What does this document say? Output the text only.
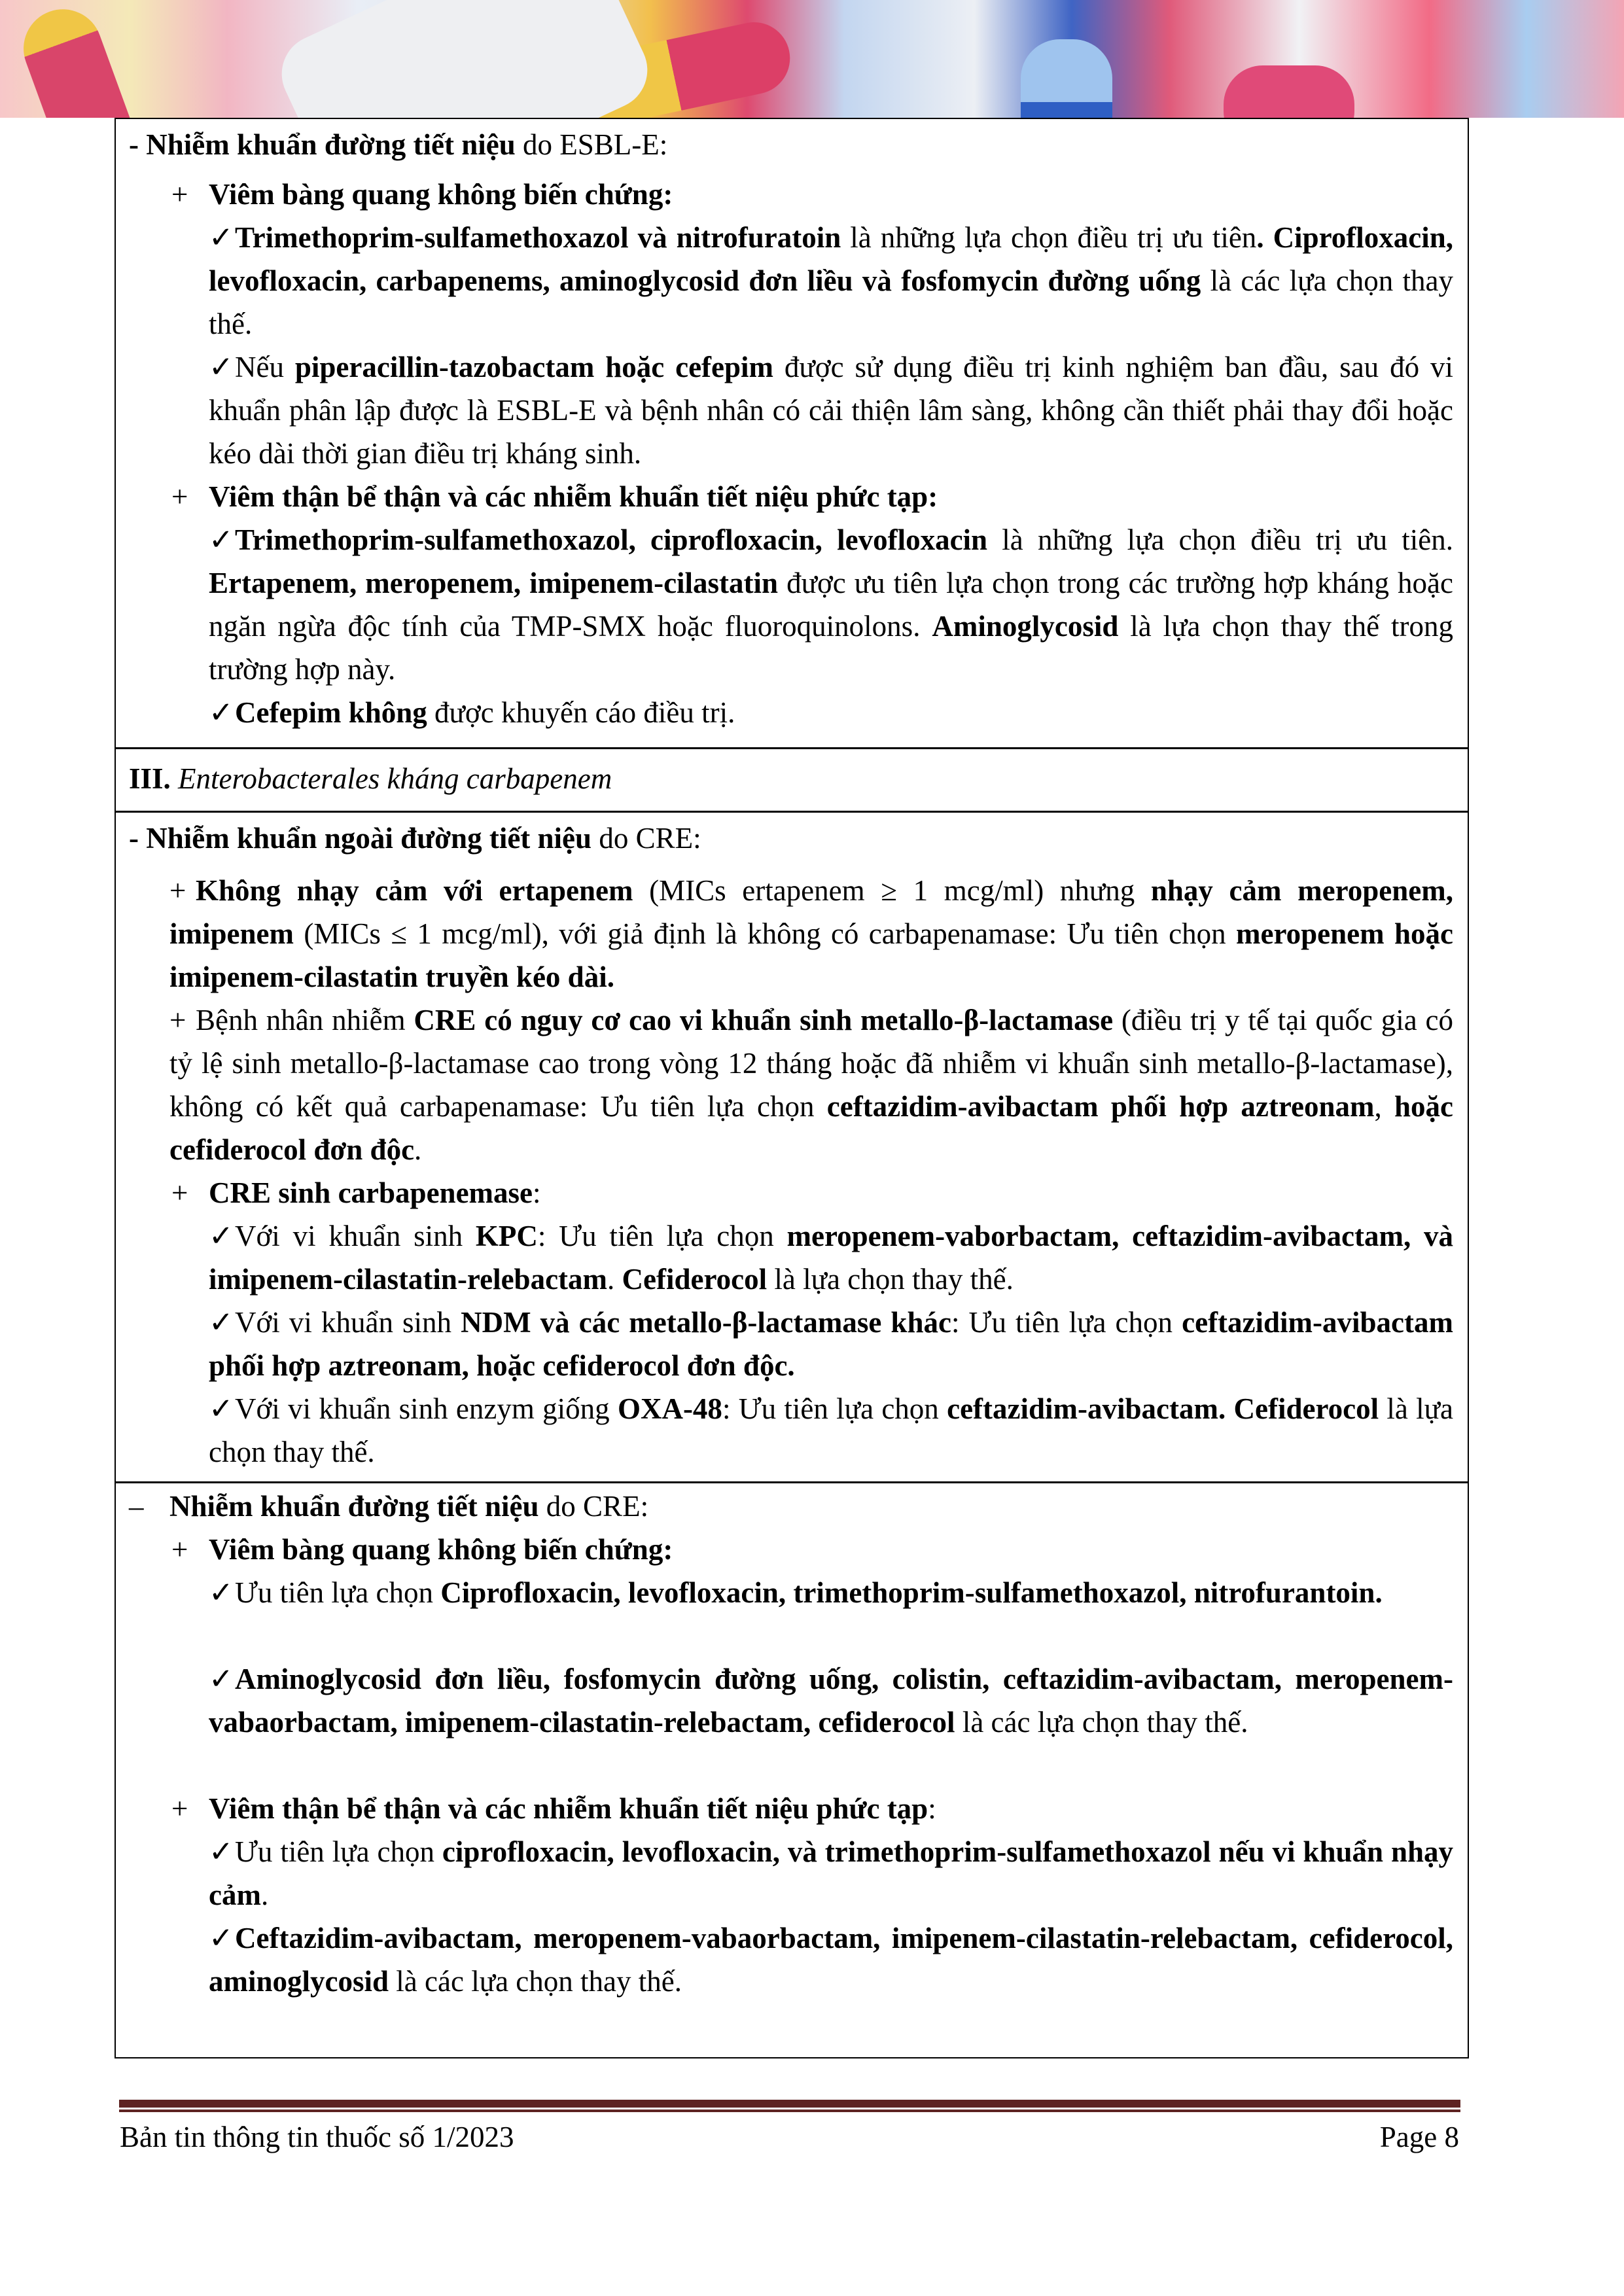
- Nhiễm khuẩn đường tiết niệu do ESBL-E:
+ Viêm bàng quang không biến chứng:
✓Trimethoprim-sulfamethoxazol và nitrofuratoin là những lựa chọn điều trị ưu tiên. Ciprofloxacin, levofloxacin, carbapenems, aminoglycosid đơn liều và fosfomycin đường uống là các lựa chọn thay thế.
✓Nếu piperacillin-tazobactam hoặc cefepim được sử dụng điều trị kinh nghiệm ban đầu, sau đó vi khuẩn phân lập được là ESBL-E và bệnh nhân có cải thiện lâm sàng, không cần thiết phải thay đổi hoặc kéo dài thời gian điều trị kháng sinh.
+ Viêm thận bể thận và các nhiễm khuẩn tiết niệu phức tạp:
✓Trimethoprim-sulfamethoxazol, ciprofloxacin, levofloxacin là những lựa chọn điều trị ưu tiên. Ertapenem, meropenem, imipenem-cilastatin được ưu tiên lựa chọn trong các trường hợp kháng hoặc ngăn ngừa độc tính của TMP-SMX hoặc fluoroquinolons. Aminoglycosid là lựa chọn thay thế trong trường hợp này.
✓Cefepim không được khuyến cáo điều trị.
III. Enterobacterales kháng carbapenem
- Nhiễm khuẩn ngoài đường tiết niệu do CRE:
+ Không nhạy cảm với ertapenem (MICs ertapenem ≥ 1 mcg/ml) nhưng nhạy cảm meropenem, imipenem (MICs ≤ 1 mcg/ml), với giả định là không có carbapenamase: Ưu tiên chọn meropenem hoặc imipenem-cilastatin truyền kéo dài.
+ Bệnh nhân nhiễm CRE có nguy cơ cao vi khuẩn sinh metallo-β-lactamase (điều trị y tế tại quốc gia có tỷ lệ sinh metallo-β-lactamase cao trong vòng 12 tháng hoặc đã nhiễm vi khuẩn sinh metallo-β-lactamase), không có kết quả carbapenamase: Ưu tiên lựa chọn ceftazidim-avibactam phối hợp aztreonam, hoặc cefiderocol đơn độc.
+ CRE sinh carbapenemase:
✓Với vi khuẩn sinh KPC: Ưu tiên lựa chọn meropenem-vaborbactam, ceftazidim-avibactam, và imipenem-cilastatin-relebactam. Cefiderocol là lựa chọn thay thế.
✓Với vi khuẩn sinh NDM và các metallo-β-lactamase khác: Ưu tiên lựa chọn ceftazidim-avibactam phối hợp aztreonam, hoặc cefiderocol đơn độc.
✓Với vi khuẩn sinh enzym giống OXA-48: Ưu tiên lựa chọn ceftazidim-avibactam. Cefiderocol là lựa chọn thay thế.
– Nhiễm khuẩn đường tiết niệu do CRE:
+ Viêm bàng quang không biến chứng:
✓Ưu tiên lựa chọn Ciprofloxacin, levofloxacin, trimethoprim-sulfamethoxazol, nitrofurantoin.
✓Aminoglycosid đơn liều, fosfomycin đường uống, colistin, ceftazidim-avibactam, meropenem-vabaorbactam, imipenem-cilastatin-relebactam, cefiderocol là các lựa chọn thay thế.
+ Viêm thận bể thận và các nhiễm khuẩn tiết niệu phức tạp:
✓Ưu tiên lựa chọn ciprofloxacin, levofloxacin, và trimethoprim-sulfamethoxazol nếu vi khuẩn nhạy cảm.
✓Ceftazidim-avibactam, meropenem-vabaorbactam, imipenem-cilastatin-relebactam, cefiderocol, aminoglycosid là các lựa chọn thay thế.
Bản tin thông tin thuốc số 1/2023	Page 8
